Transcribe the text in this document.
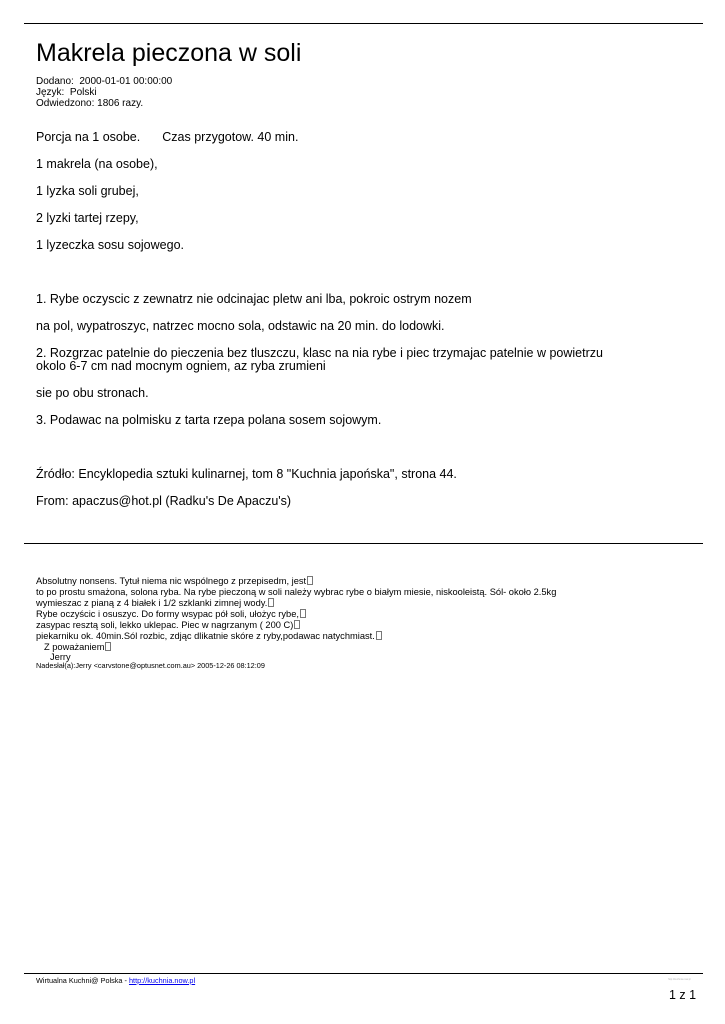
Makrela pieczona w soli
Dodano: 2000-01-01 00:00:00
Język: Polski
Odwiedzono: 1806 razy.
Porcja na 1 osobe. Czas przygotow. 40 min.
1 makrela (na osobe),
1 lyzka soli grubej,
2 lyzki tartej rzepy,
1 lyzeczka sosu sojowego.
1. Rybe oczyscic z zewnatrz nie odcinajac pletw ani lba, pokroic ostrym nozem
na pol, wypatroszyc, natrzec mocno sola, odstawic na 20 min. do lodowki.
2. Rozgrzac patelnie do pieczenia bez tluszczu, klasc na nia rybe i piec trzymajac patelnie w powietrzu
okolo 6-7 cm nad mocnym ogniem, az ryba zrumieni
sie po obu stronach.
3. Podawac na polmisku z tarta rzepa polana sosem sojowym.
Źródło: Encyklopedia sztuki kulinarnej, tom 8 "Kuchnia japońska", strona 44.
From: apaczus@hot.pl (Radku's De Apaczu's)
Absolutny nonsens. Tytuł niema nic wspólnego z przepisedm, jest
to po prostu smażona, solona ryba. Na rybe pieczoną w soli należy wybrac rybe o białym miesie, niskooleistą. Sól- około 2.5kg
wymieszac z pianą z 4 białek i 1/2 szklanki zimnej wody.
Rybe oczyścic i osuszyc. Do formy wsypac pół soli, ułożyc rybe,
zasypac resztą soli, lekko uklepac. Piec w nagrzanym ( 200 C)
piekarniku ok. 40min.Sól rozbic, zdjąc dlikatnie skóre z ryby,podawac natychmiast.
Z poważaniem
Jerry
Nadesłał(a):Jerry <carvstone@optusnet.com.au> 2005-12-26 08:12:09
Wirtualna Kuchni@ Polska - http://kuchnia.now.pl	http://kuchnia.now.pl
1 z 1
